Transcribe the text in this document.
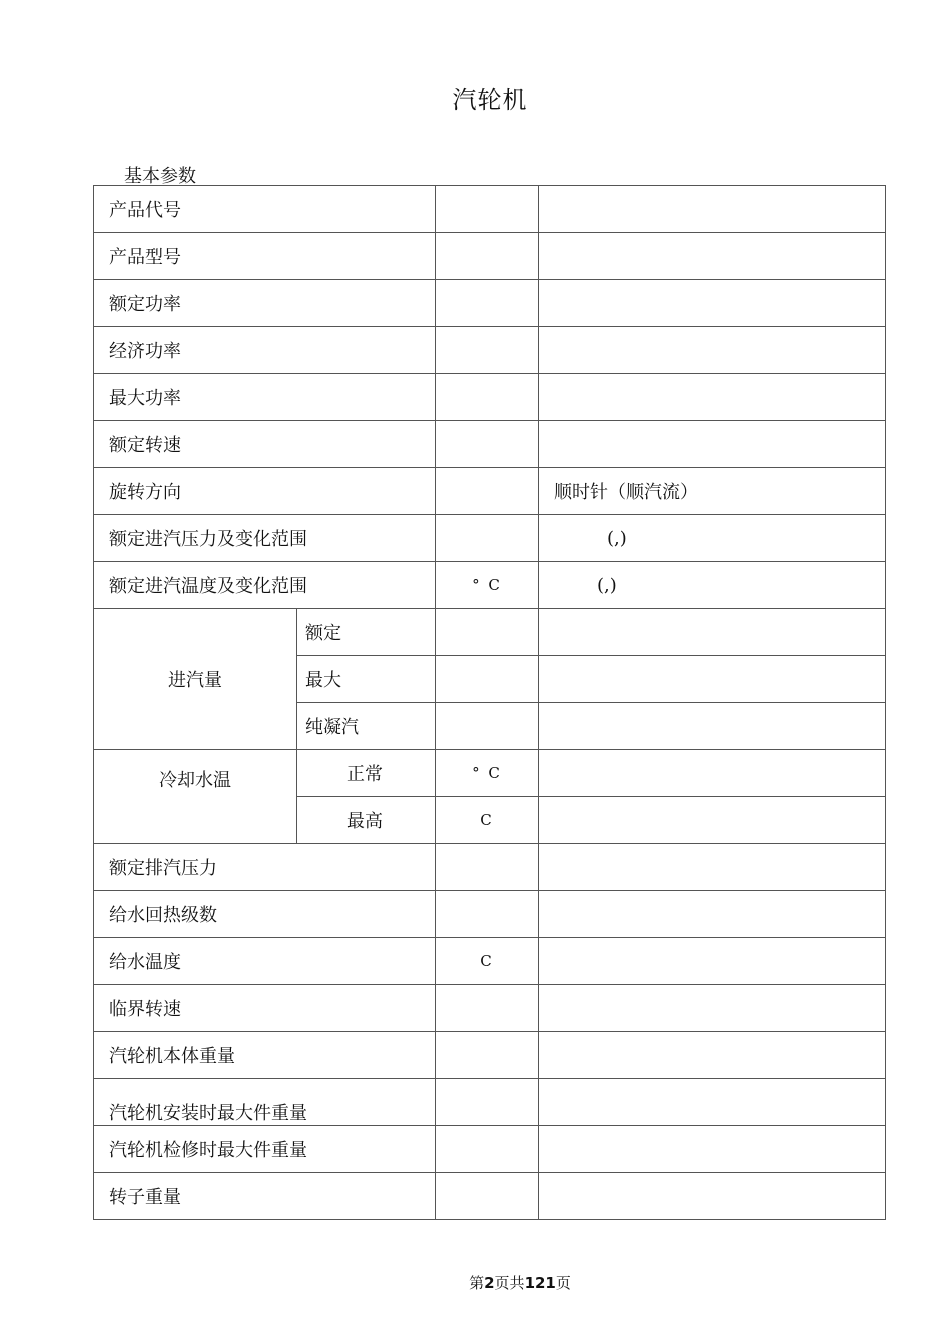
汽轮机
基本参数
产品代号			
产品型号			
额定功率			
经济功率			
最大功率			
额定转速			
旋转方向			顺时针（顺汽流）
额定进汽压力及变化范围			(,)
额定进汽温度及变化范围		° C	(,)
进汽量	额定		
	最大		
	纯凝汽		
冷却水温	正常	° C	
	最高	C	
额定排汽压力			
给水回热级数			
给水温度		C	
临界转速			
汽轮机本体重量			
汽轮机安装时最大件重量			
汽轮机检修时最大件重量			
转子重量			
第2页共121页
